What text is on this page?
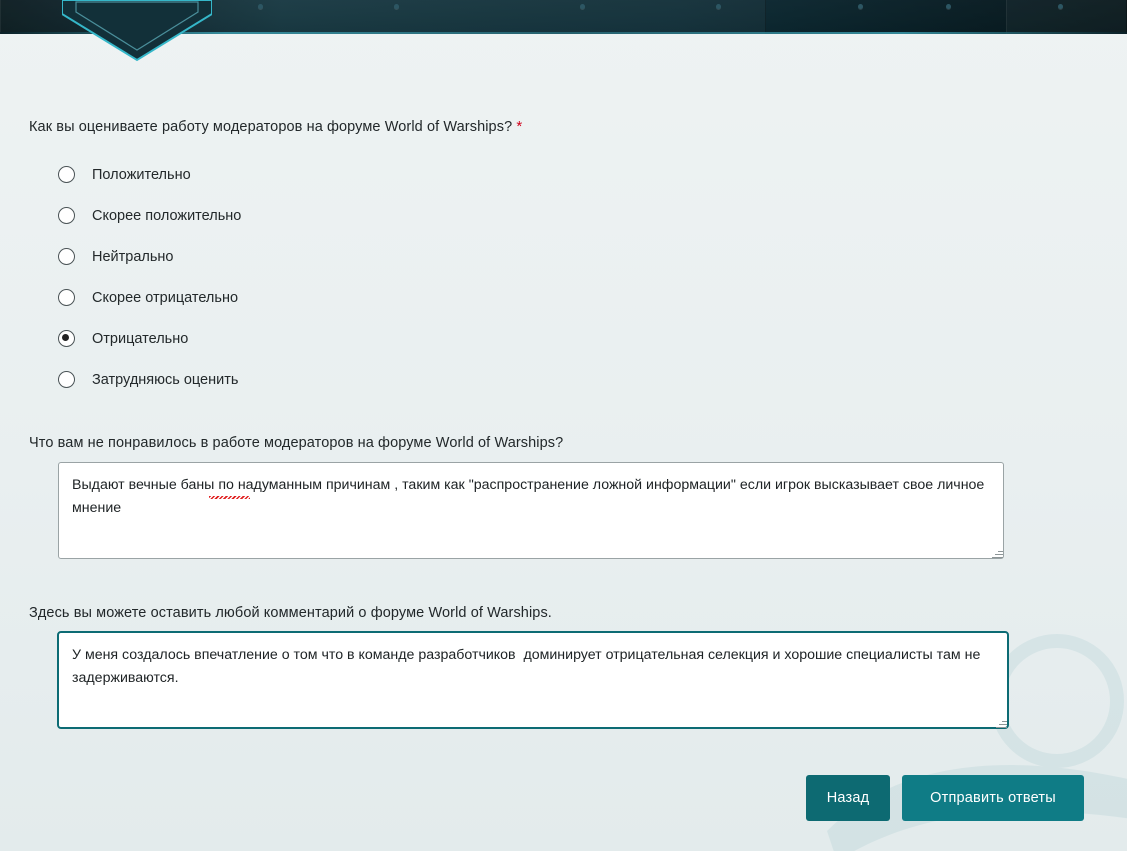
Как вы оцениваете работу модераторов на форуме World of Warships? *
Положительно
Скорее положительно
Нейтрально
Скорее отрицательно
Отрицательно
Затрудняюсь оценить
Что вам не понравилось в работе модераторов на форуме World of Warships?
Выдают вечные баны по надуманным причинам , таким как "распространение ложной информации" если игрок высказывает свое личное мнение
Здесь вы можете оставить любой комментарий о форуме World of Warships.
У меня создалось впечатление о том что в команде разработчиков доминирует отрицательная селекция и хорошие специалисты там не задерживаются.
Назад	Отправить ответы
